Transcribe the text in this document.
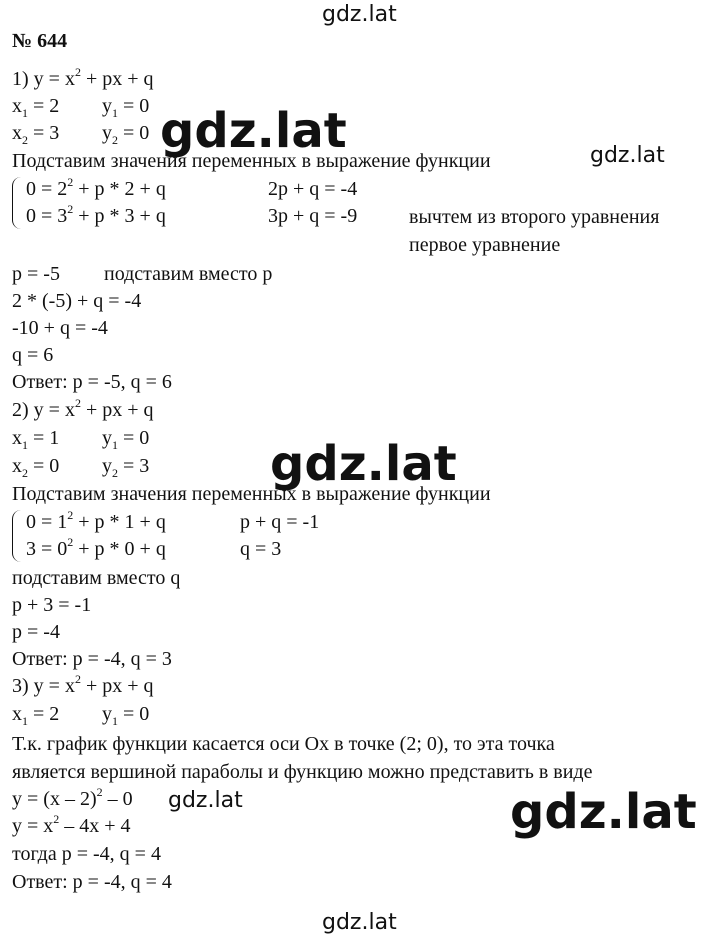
gdz.lat
gdz.lat	gdz.lat
gdz.lat
gdz.lat	gdz.lat
gdz.lat
№ 644
1) $y = x^2$ + px + q
$x_1 = 2$ $y_1 = 0$
$x_2 = 3$ $y_2 = 0$
Подставим значения переменных в выражение функции
$0 = 2^2 + p * 2 + q$	2p + q = -4
$0 = 3^2 + p * 3 + q$	3p + q = -9	вычтем из второго уравнения
первое уравнение
p = -5 подставим вместо p
2 * (-5) + q = -4
-10 + q = -4
q = 6
Ответ: p = -5, q = 6
2) $y = x^2$ + px + q
$x_1 = 1$ $y_1 = 0$
$x_2 = 0$ $y_2 = 3$
Подставим значения переменных в выражение функции
$0 = 1^2 + p * 1 + q$	p + q = -1
$3 = 0^2 + p * 0 + q$	q = 3
подставим вместо q
p + 3 = -1
p = -4
Ответ: p = -4, q = 3
3) $y = x^2$ + px + q
$x_1 = 2$ $y_1 = 0$
Т.к. график функции касается оси Ox в точке (2; 0), то эта точка
является вершиной параболы и функцию можно представить в виде
y = (x – 2)$^2$ – 0
$y = x^2 - 4x + 4$
тогда p = -4, q = 4
Ответ: p = -4, q = 4
